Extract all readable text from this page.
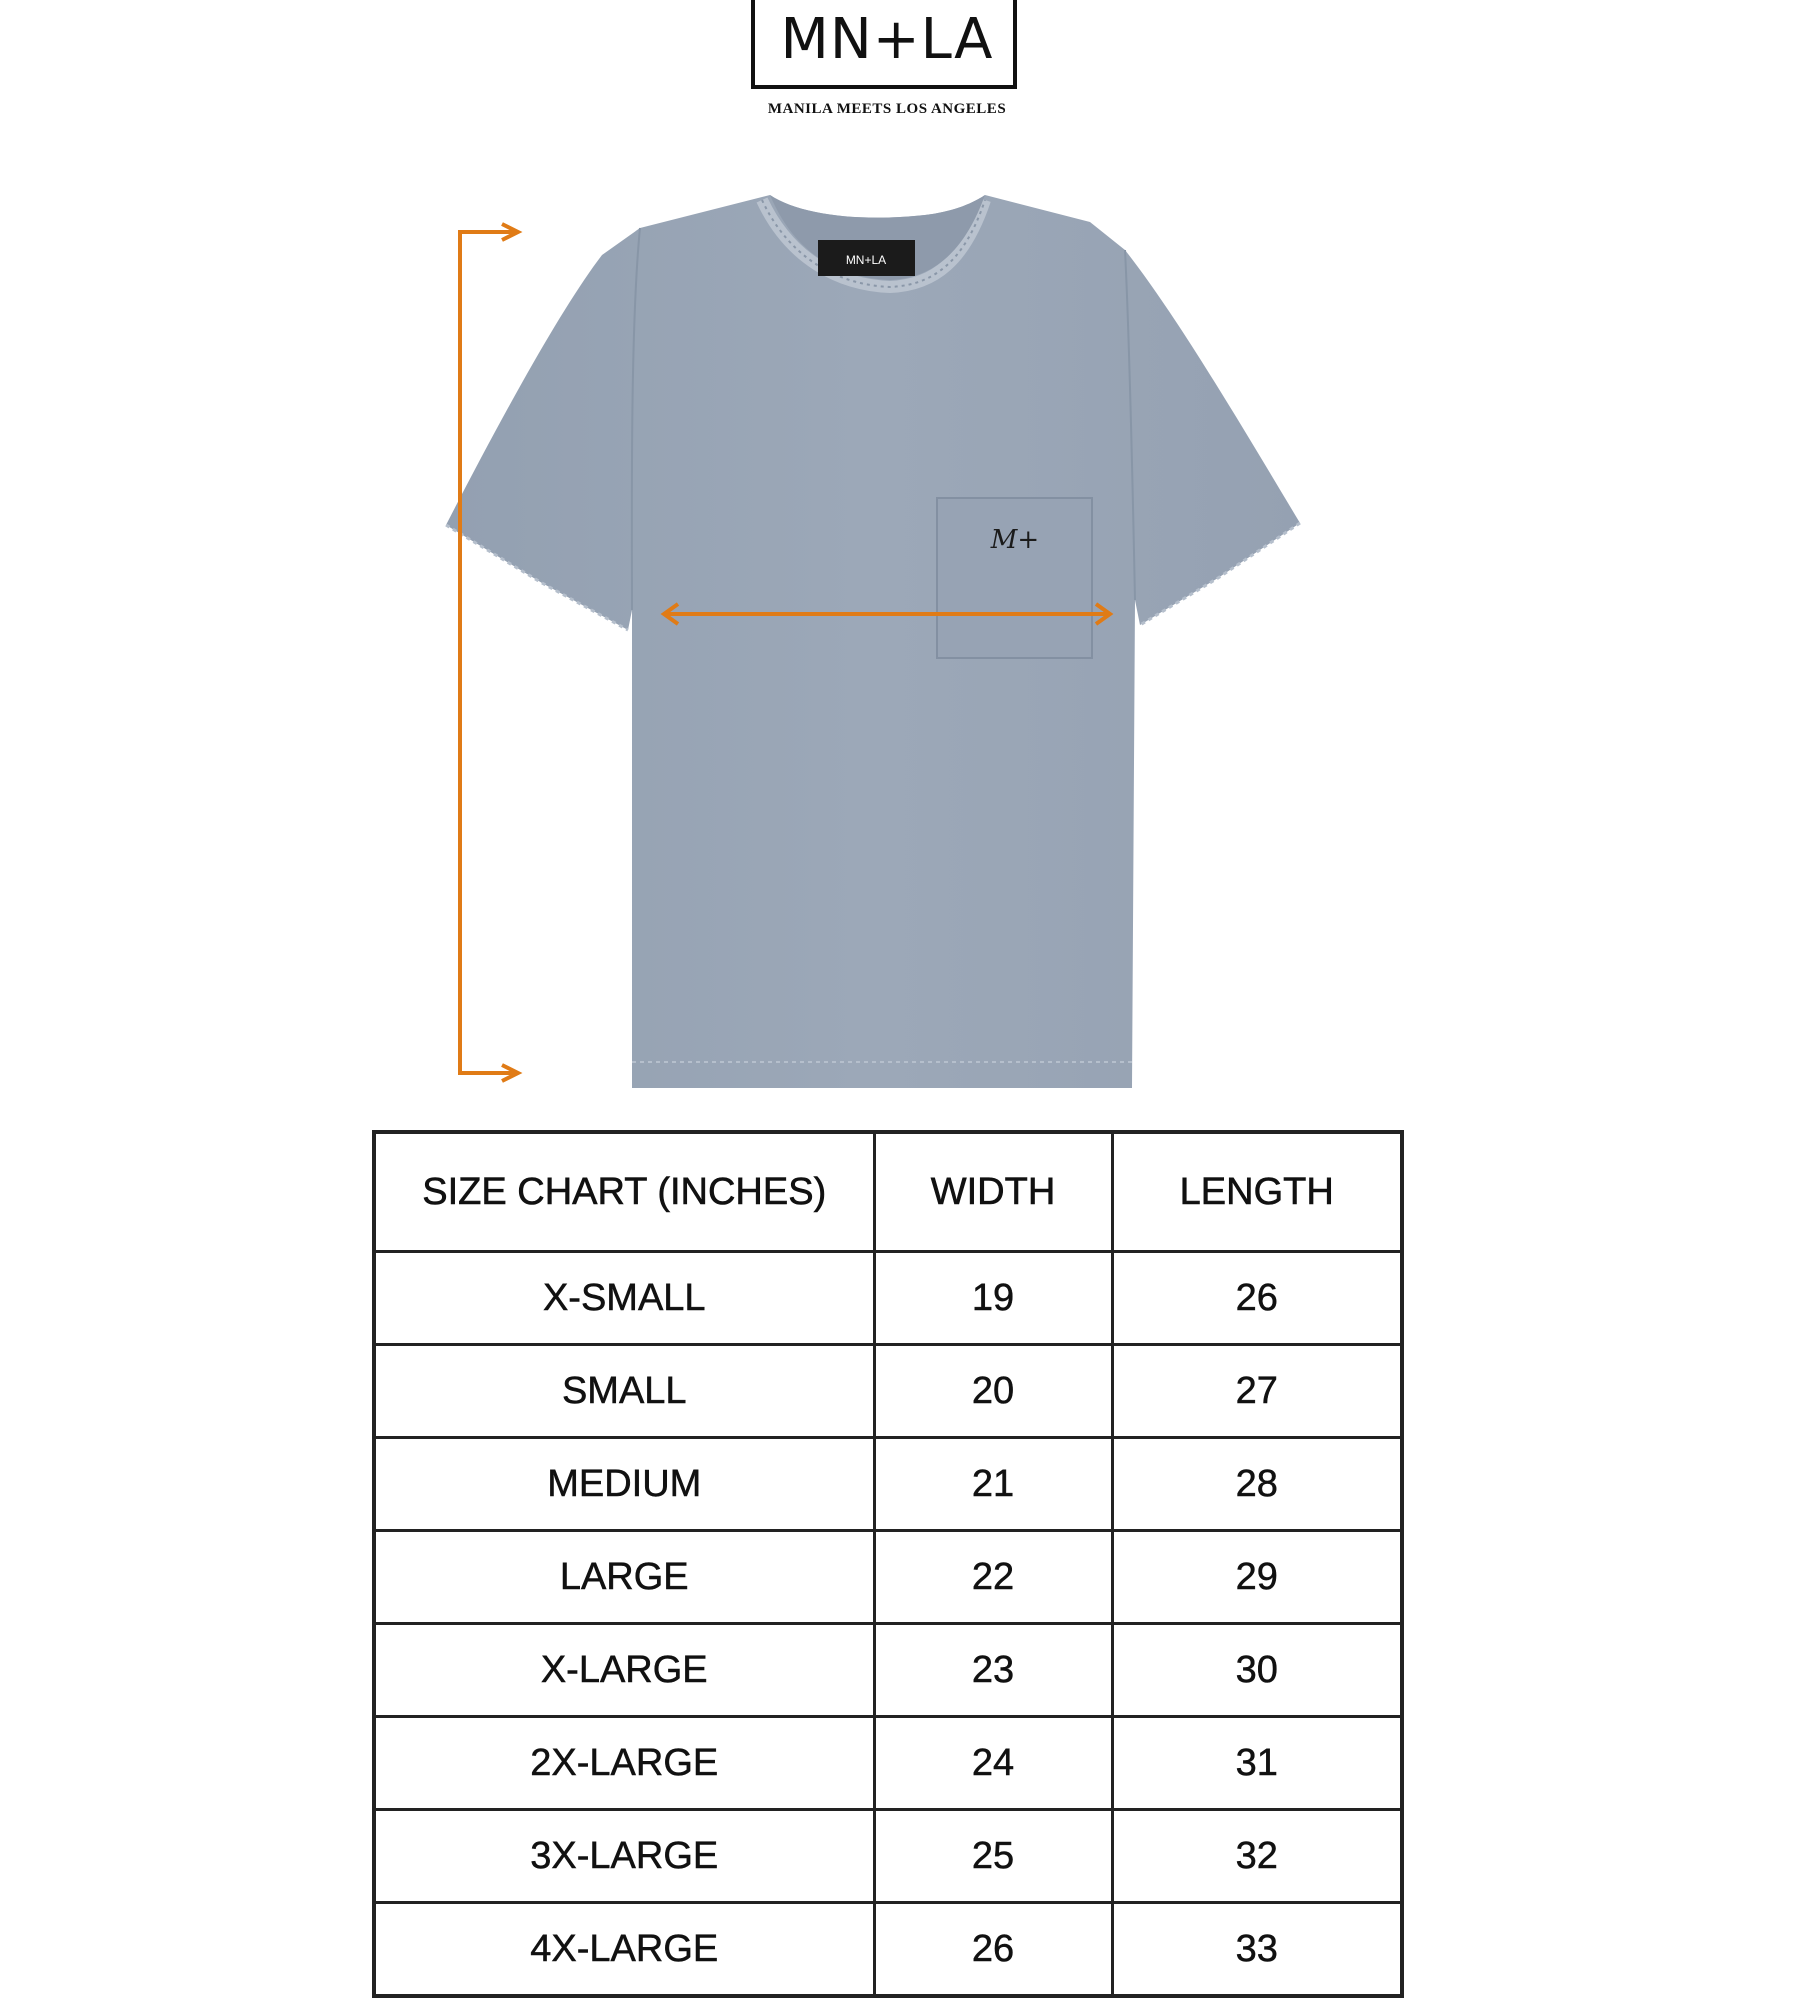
MN+LA
MANILA MEETS LOS ANGELES
MN+LA
M+
SIZE CHART (INCHES)	WIDTH	LENGTH
X-SMALL	19	26
SMALL	20	27
MEDIUM	21	28
LARGE	22	29
X-LARGE	23	30
2X-LARGE	24	31
3X-LARGE	25	32
4X-LARGE	26	33
